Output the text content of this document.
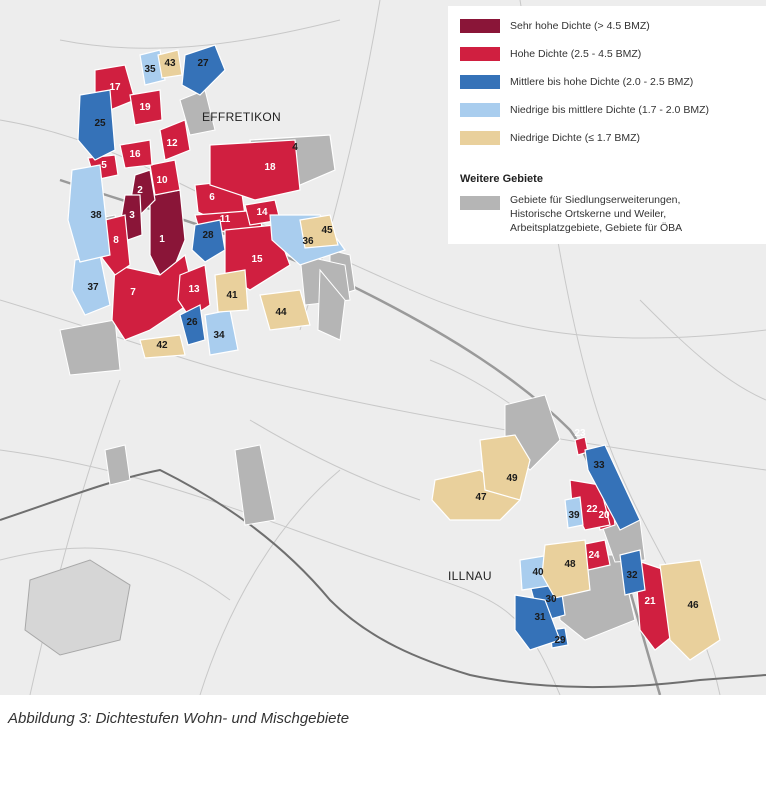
1
2
3
4
5
6
7
8
10
11
12
13
14
15
16
17
18
19
20
21
22
23
24
25
26
27
28
29
30
31
32
33
34
35
36
37
38
39
40
41
42
43
44
45
46
47
48
49
EFFRETIKON
ILLNAU
Sehr hohe Dichte (> 4.5 BMZ)
Hohe Dichte (2.5 - 4.5 BMZ)
Mittlere bis hohe Dichte (2.0 - 2.5 BMZ)
Niedrige bis mittlere Dichte (1.7 - 2.0 BMZ)
Niedrige Dichte (≤ 1.7 BMZ)
Weitere Gebiete
Gebiete für Siedlungserweiterungen,
Historische Ortskerne und Weiler,
Arbeitsplatzgebiete, Gebiete für ÖBA
Abbildung 3: Dichtestufen Wohn- und Mischgebiete
